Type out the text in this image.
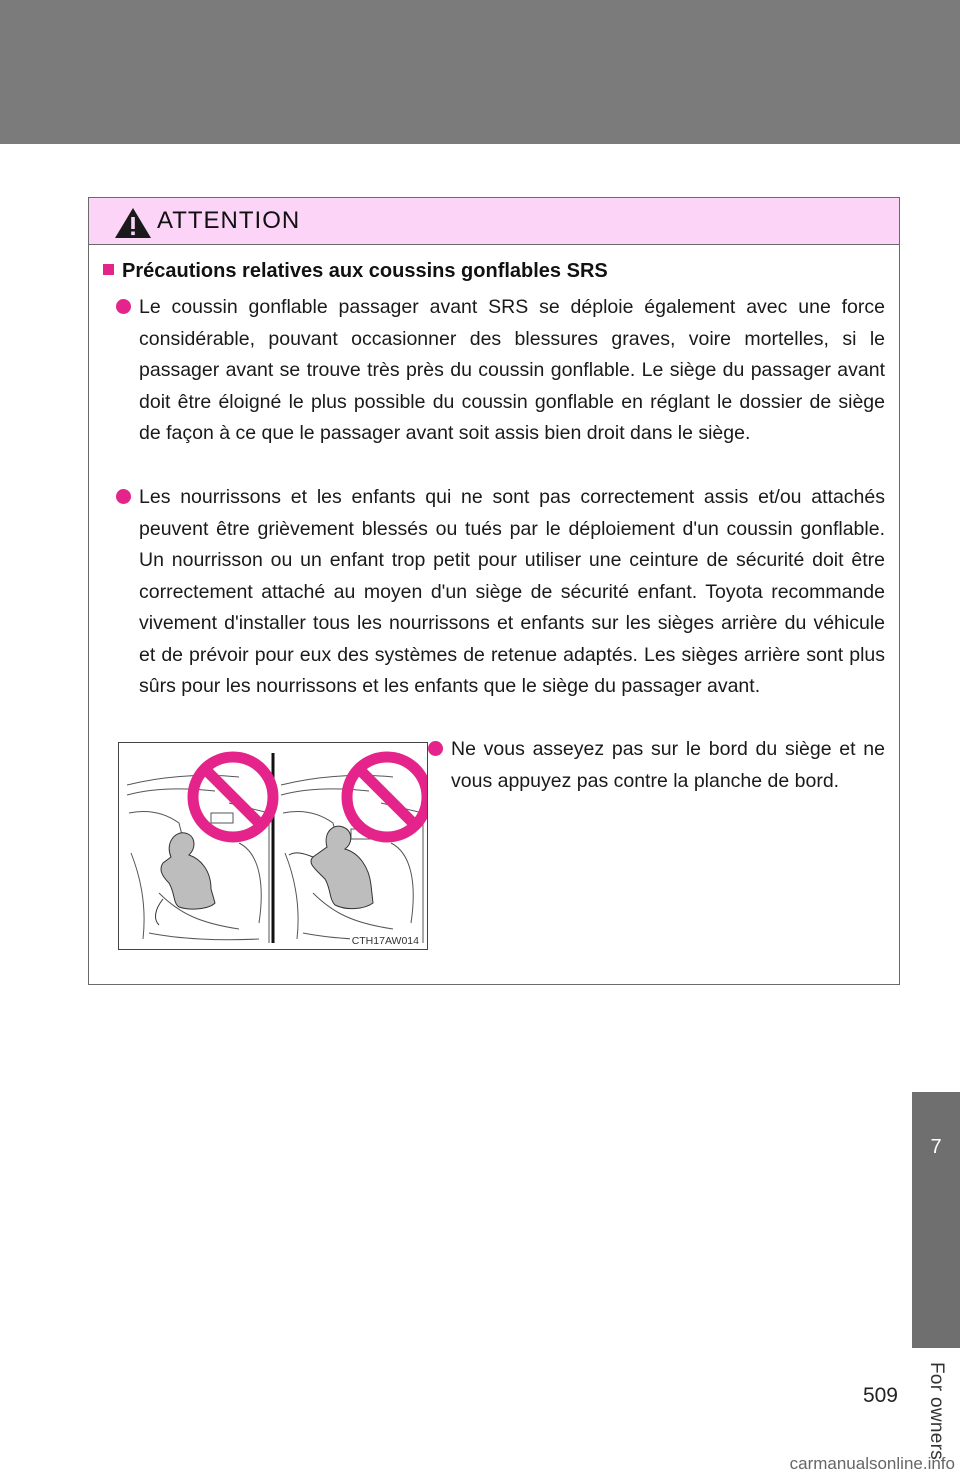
ATTENTION
Précautions relatives aux coussins gonflables SRS
Le coussin gonflable passager avant SRS se déploie également avec une force considérable, pouvant occasionner des blessures graves, voire mortelles, si le passager avant se trouve très près du coussin gonflable. Le siège du passager avant doit être éloigné le plus possible du coussin gonflable en réglant le dossier de siège de façon à ce que le passager avant soit assis bien droit dans le siège.
Les nourrissons et les enfants qui ne sont pas correctement assis et/ou attachés peuvent être grièvement blessés ou tués par le déploiement d'un coussin gonflable. Un nourrisson ou un enfant trop petit pour utiliser une ceinture de sécurité doit être correctement attaché au moyen d'un siège de sécurité enfant. Toyota recommande vivement d'installer tous les nourrissons et enfants sur les sièges arrière du véhicule et de prévoir pour eux des systèmes de retenue adaptés. Les sièges arrière sont plus sûrs pour les nourrissons et les enfants que le siège du passager avant.
CTH17AW014
Ne vous asseyez pas sur le bord du siège et ne vous appuyez pas contre la planche de bord.
7
For owners
509
carmanualsonline.info
